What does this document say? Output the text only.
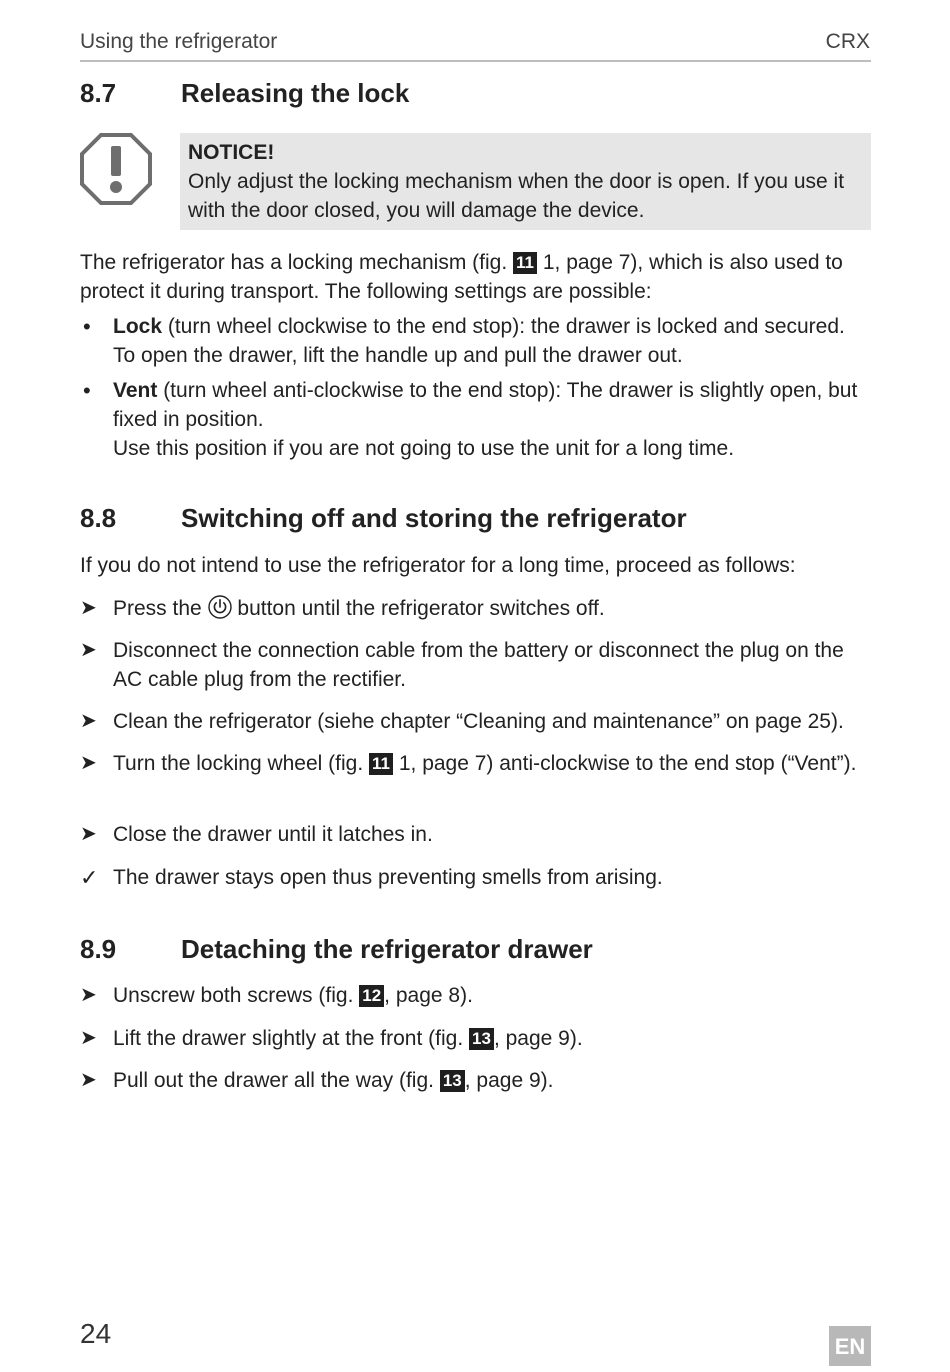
Using the refrigerator	CRX
8.7 Releasing the lock
NOTICE!
Only adjust the locking mechanism when the door is open. If you use it with the door closed, you will damage the device.

The refrigerator has a locking mechanism (fig. 11 1, page 7), which is also used to protect it during transport. The following settings are possible:

•	Lock (turn wheel clockwise to the end stop): the drawer is locked and secured. To open the drawer, lift the handle up and pull the drawer out.
•	Vent (turn wheel anti-clockwise to the end stop): The drawer is slightly open, but fixed in position.
Use this position if you are not going to use the unit for a long time.
8.8 Switching off and storing the refrigerator

If you do not intend to use the refrigerator for a long time, proceed as follows:

➤ Press the button until the refrigerator switches off.
➤ Disconnect the connection cable from the battery or disconnect the plug on the AC cable plug from the rectifier.
➤ Clean the refrigerator (siehe chapter “Cleaning and maintenance” on page 25).
➤ Turn the locking wheel (fig. 11 1, page 7) anti-clockwise to the end stop (“Vent”).
➤ Close the drawer until it latches in.
✓ The drawer stays open thus preventing smells from arising.
8.9 Detaching the refrigerator drawer
➤ Unscrew both screws (fig. 12 , page 8).
➤ Lift the drawer slightly at the front (fig. 13 , page 9).
➤ Pull out the drawer all the way (fig. 13 , page 9).
24	EN
